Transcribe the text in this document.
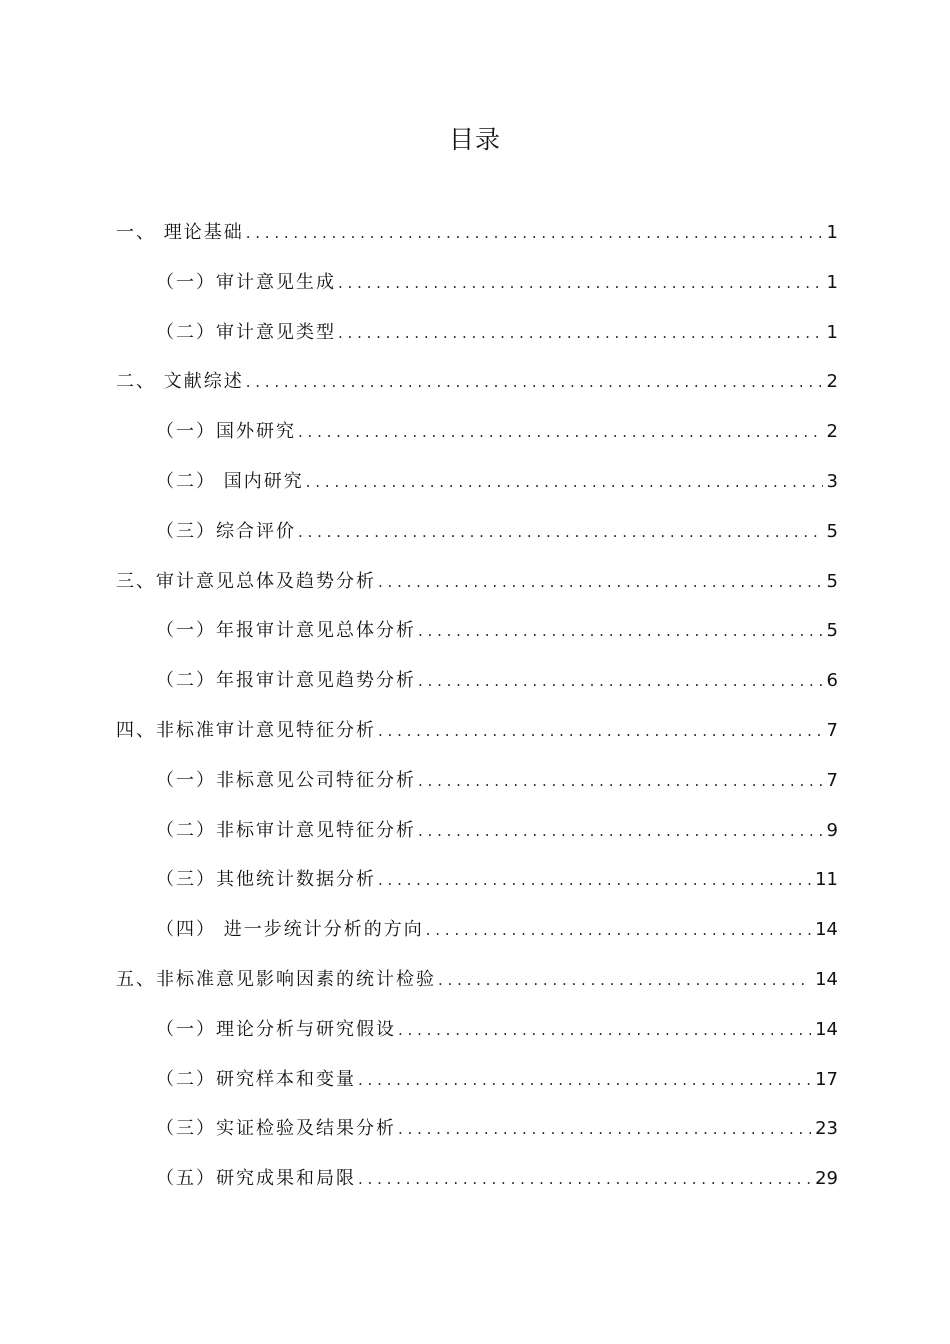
目录
一、 理论基础 . . .	1
（一）审计意见生成 . . .	1
（二）审计意见类型 . . .	1
二、 文献综述 . . .	2
（一）国外研究 . . .	2
（二） 国内研究 . . .	3
（三）综合评价 . . .	5
三、审计意见总体及趋势分析 . . .	5
（一）年报审计意见总体分析 . . .	5
（二）年报审计意见趋势分析 . . .	6
四、非标准审计意见特征分析 . . .	7
（一）非标意见公司特征分析 . . .	7
（二）非标审计意见特征分析 . . .	9
（三）其他统计数据分析 . . .	11
（四） 进一步统计分析的方向 . . .	14
五、非标准意见影响因素的统计检验 . . .	14
（一）理论分析与研究假设 . . .	14
（二）研究样本和变量 . . .	17
（三）实证检验及结果分析 . . .	23
（五）研究成果和局限 . . .	29
